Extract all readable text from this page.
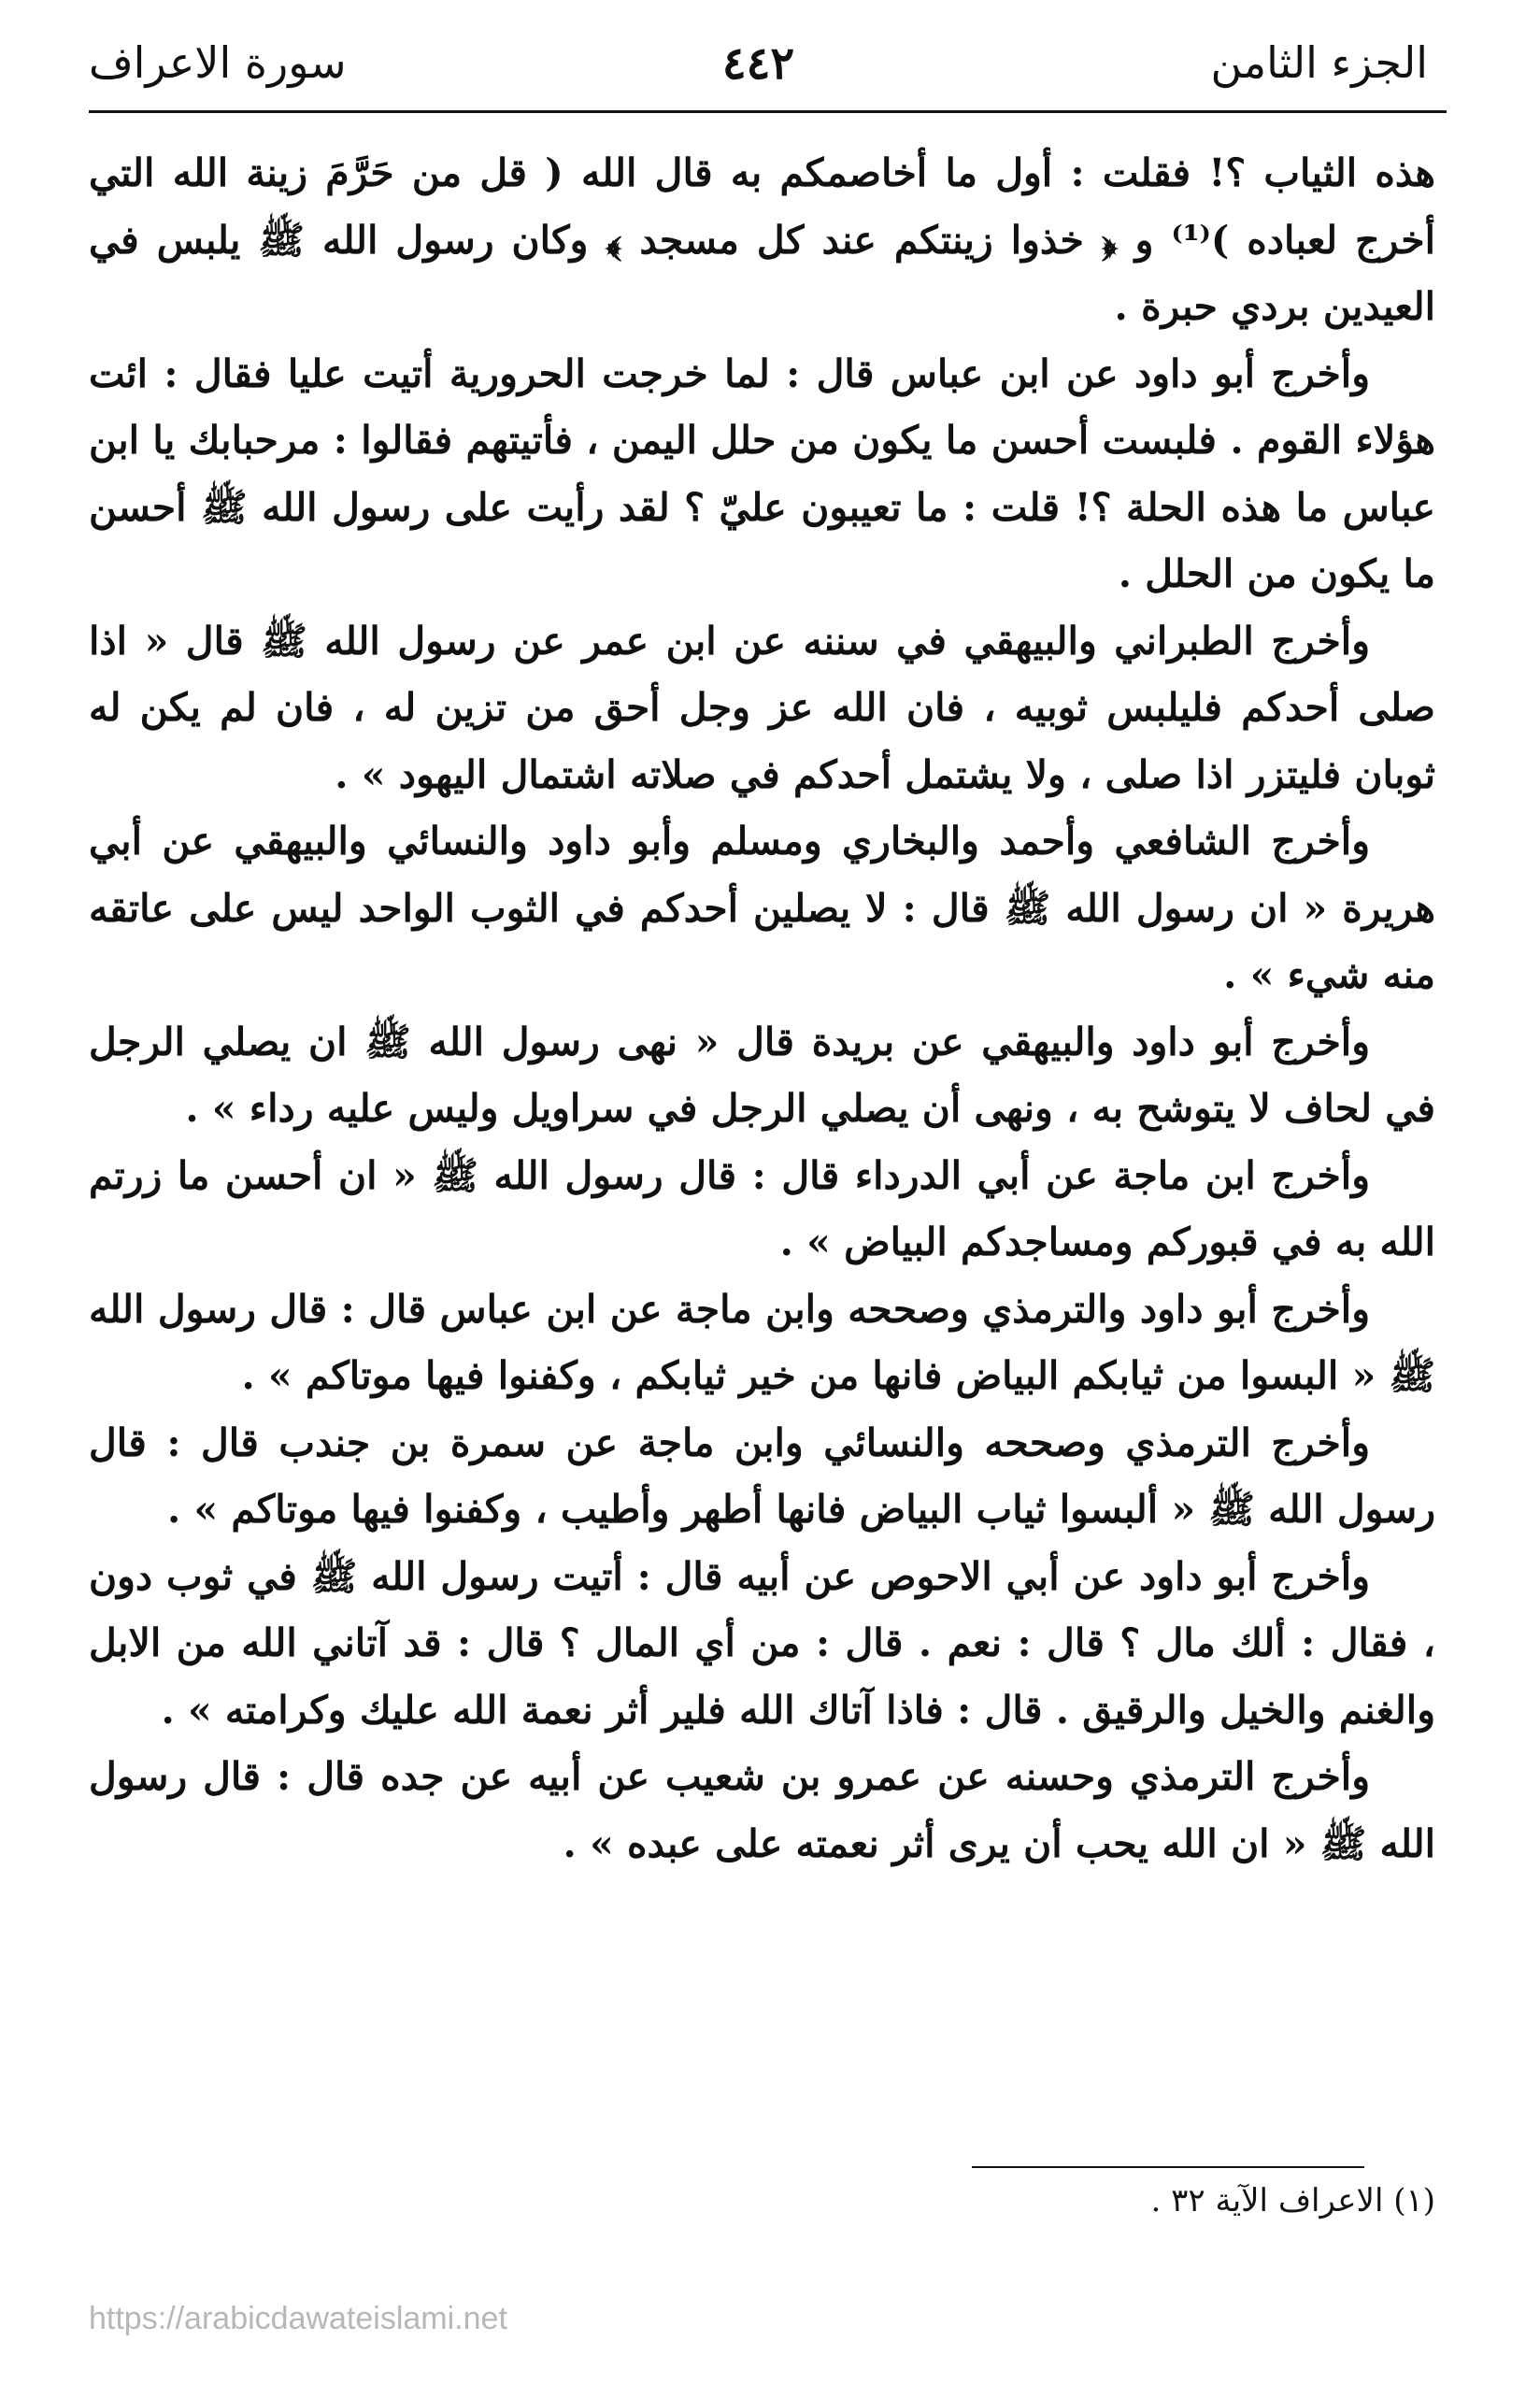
الجزء الثامن
٤٤٢
سورة الاعراف

هذه الثياب ؟! فقلت : أول ما أخاصمكم به قال الله ( قل من حَرَّمَ زينة الله التي أخرج لعباده )⁽¹⁾ و ﴿ خذوا زينتكم عند كل مسجد ﴾ وكان رسول الله ﷺ يلبس في العيدين بردي حبرة .

وأخرج أبو داود عن ابن عباس قال : لما خرجت الحرورية أتيت عليا فقال : ائت هؤلاء القوم . فلبست أحسن ما يكون من حلل اليمن ، فأتيتهم فقالوا : مرحبابك يا ابن عباس ما هذه الحلة ؟! قلت : ما تعيبون عليّ ؟ لقد رأيت على رسول الله ﷺ أحسن ما يكون من الحلل .

وأخرج الطبراني والبيهقي في سننه عن ابن عمر عن رسول الله ﷺ قال « اذا صلى أحدكم فليلبس ثوبيه ، فان الله عز وجل أحق من تزين له ، فان لم يكن له ثوبان فليتزر اذا صلى ، ولا يشتمل أحدكم في صلاته اشتمال اليهود » .

وأخرج الشافعي وأحمد والبخاري ومسلم وأبو داود والنسائي والبيهقي عن أبي هريرة « ان رسول الله ﷺ قال : لا يصلين أحدكم في الثوب الواحد ليس على عاتقه منه شيء » .

وأخرج أبو داود والبيهقي عن بريدة قال « نهى رسول الله ﷺ ان يصلي الرجل في لحاف لا يتوشح به ، ونهى أن يصلي الرجل في سراويل وليس عليه رداء » .

وأخرج ابن ماجة عن أبي الدرداء قال : قال رسول الله ﷺ « ان أحسن ما زرتم الله به في قبوركم ومساجدكم البياض » .

وأخرج أبو داود والترمذي وصححه وابن ماجة عن ابن عباس قال : قال رسول الله ﷺ « البسوا من ثيابكم البياض فانها من خير ثيابكم ، وكفنوا فيها موتاكم » .

وأخرج الترمذي وصححه والنسائي وابن ماجة عن سمرة بن جندب قال : قال رسول الله ﷺ « ألبسوا ثياب البياض فانها أطهر وأطيب ، وكفنوا فيها موتاكم » .

وأخرج أبو داود عن أبي الاحوص عن أبيه قال : أتيت رسول الله ﷺ في ثوب دون ، فقال : ألك مال ؟ قال : نعم . قال : من أي المال ؟ قال : قد آتاني الله من الابل والغنم والخيل والرقيق . قال : فاذا آتاك الله فلير أثر نعمة الله عليك وكرامته » .

وأخرج الترمذي وحسنه عن عمرو بن شعيب عن أبيه عن جده قال : قال رسول الله ﷺ « ان الله يحب أن يرى أثر نعمته على عبده » .

(١) الاعراف الآية ٣٢ .
https://arabicdawateislami.net
